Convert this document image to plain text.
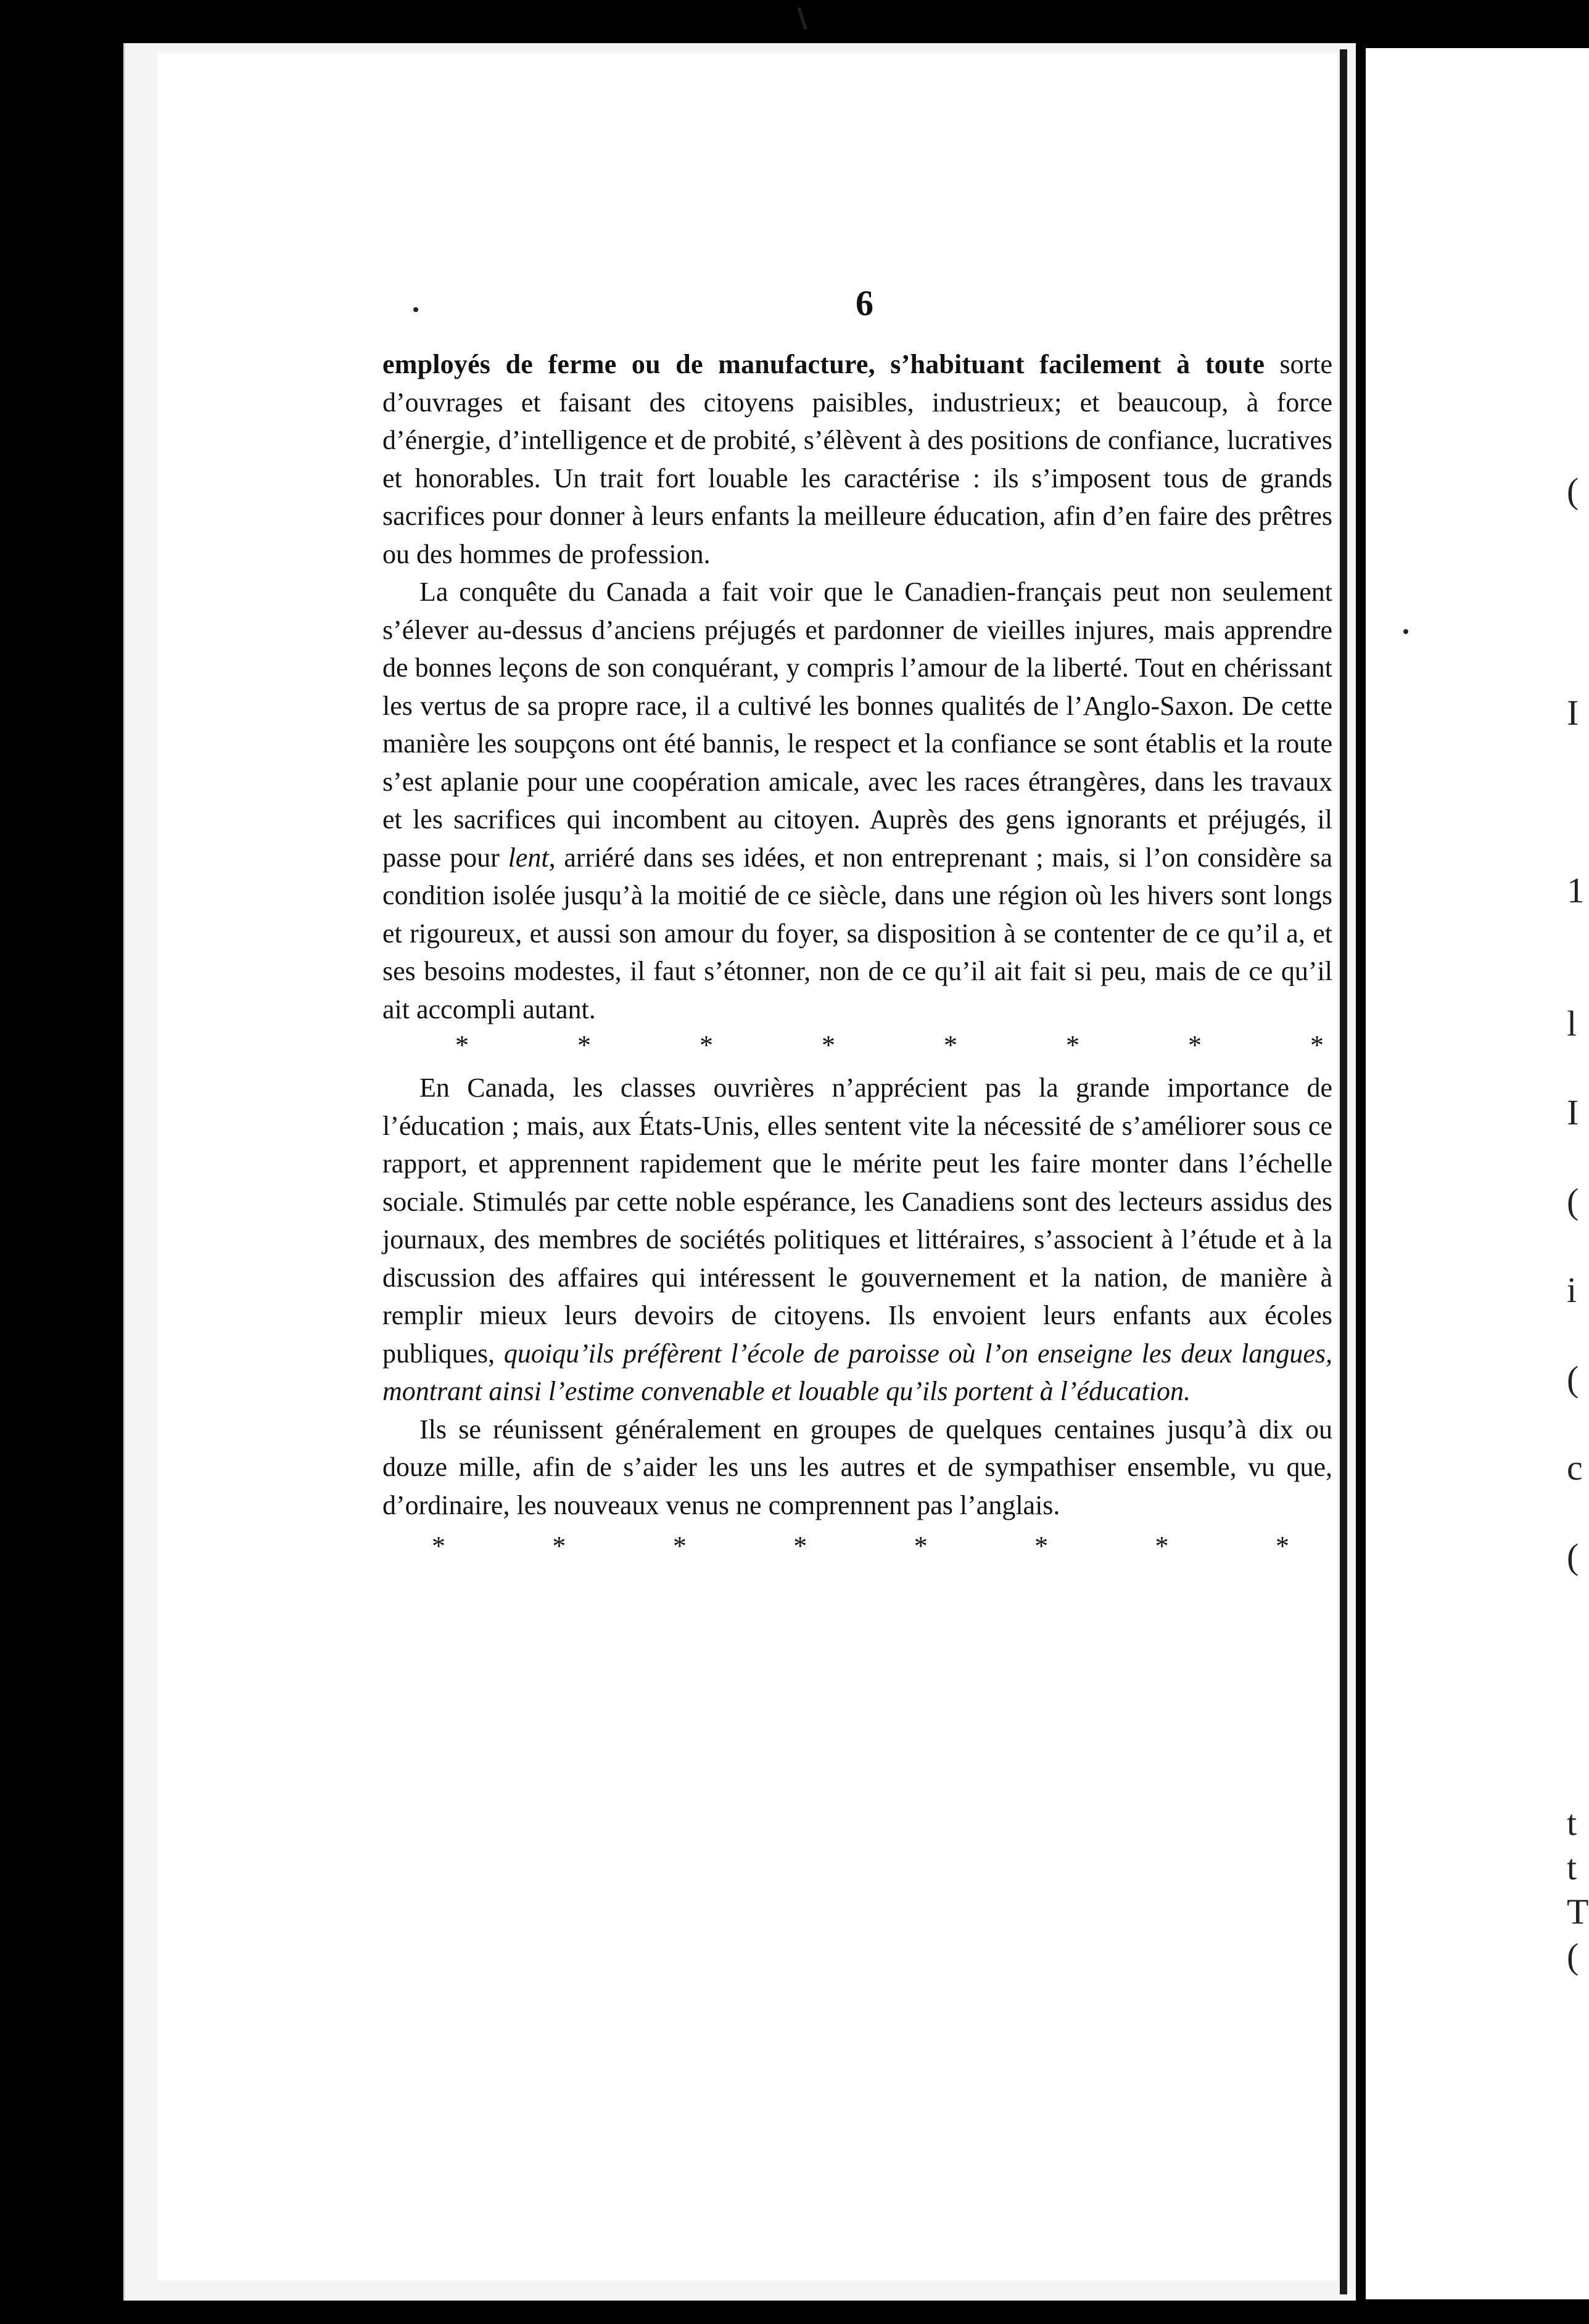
(

I

1

l

I

(

i

(

c

(

t
t
T
(
6

employés de ferme ou de manufacture, s’habituant facilement à toute sorte d’ouvrages et faisant des citoyens paisibles, industrieux; et beaucoup, à force d’énergie, d’intelligence et de probité, s’élèvent à des positions de confiance, lucratives et honorables. Un trait fort louable les caractérise : ils s’imposent tous de grands sacrifices pour donner à leurs enfants la meilleure éducation, afin d’en faire des prêtres ou des hommes de profession.

La conquête du Canada a fait voir que le Canadien-français peut non seulement s’élever au-dessus d’anciens préjugés et pardonner de vieilles injures, mais apprendre de bonnes leçons de son conquérant, y compris l’amour de la liberté. Tout en chérissant les vertus de sa propre race, il a cultivé les bonnes qualités de l’Anglo-Saxon. De cette manière les soupçons ont été bannis, le respect et la confiance se sont établis et la route s’est aplanie pour une coopération amicale, avec les races étrangères, dans les travaux et les sacrifices qui incombent au citoyen. Auprès des gens ignorants et préjugés, il passe pour lent, arriéré dans ses idées, et non entreprenant ; mais, si l’on considère sa condition isolée jusqu’à la moitié de ce siècle, dans une région où les hivers sont longs et rigoureux, et aussi son amour du foyer, sa disposition à se contenter de ce qu’il a, et ses besoins modestes, il faut s’étonner, non de ce qu’il ait fait si peu, mais de ce qu’il ait accompli autant.

*	*	*	*	*	*	*	*

En Canada, les classes ouvrières n’apprécient pas la grande importance de l’éducation ; mais, aux États-Unis, elles sentent vite la nécessité de s’améliorer sous ce rapport, et apprennent rapidement que le mérite peut les faire monter dans l’échelle sociale. Stimulés par cette noble espérance, les Canadiens sont des lecteurs assidus des journaux, des membres de sociétés politiques et littéraires, s’associent à l’étude et à la discussion des affaires qui intéressent le gouvernement et la nation, de manière à remplir mieux leurs devoirs de citoyens. Ils envoient leurs enfants aux écoles publiques, quoiqu’ils préfèrent l’école de paroisse où l’on enseigne les deux langues, montrant ainsi l’estime convenable et louable qu’ils portent à l’éducation.

Ils se réunissent généralement en groupes de quelques centaines jusqu’à dix ou douze mille, afin de s’aider les uns les autres et de sympathiser ensemble, vu que, d’ordinaire, les nouveaux venus ne comprennent pas l’anglais.

*	*	*	*	*	*	*	*
